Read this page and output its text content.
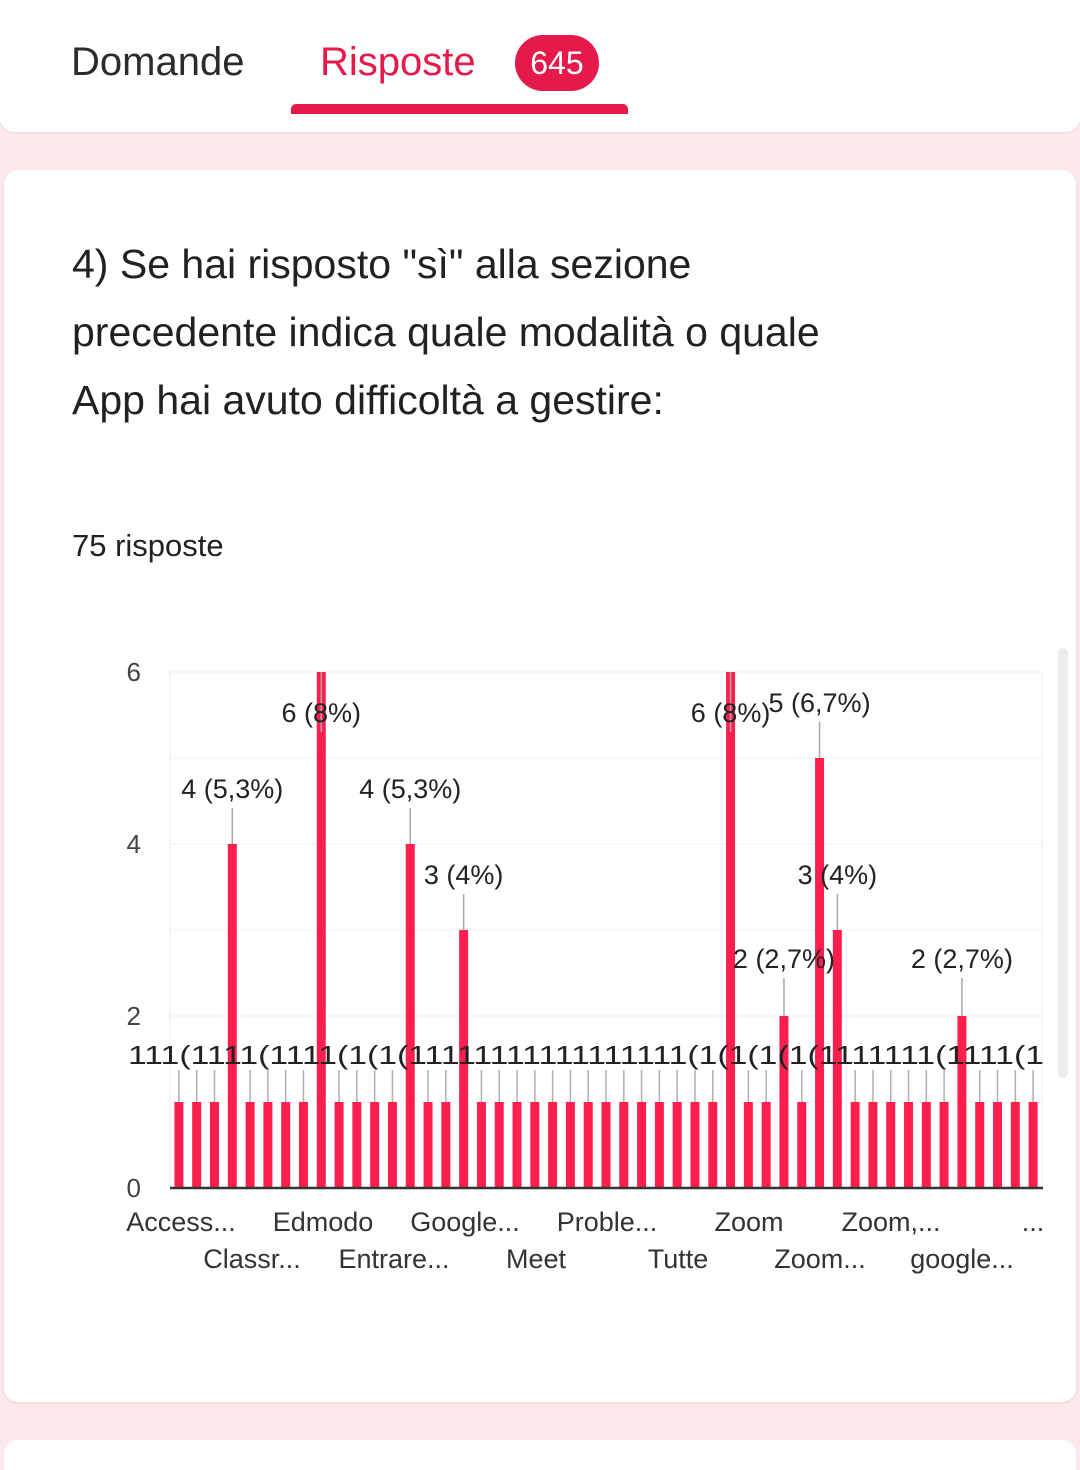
Domande Risposte	645
4) Se hai risposto "sì" alla sezione precedente indica quale modalità o quale App hai avuto difficoltà a gestire:
75 risposte
0
2
4
6
111(1111(1111(1(1(11111111111111111(1(1(1(1(1111111(1111(1
4 (5,3%)
6 (8%)
4 (5,3%)
3 (4%)
6 (8%)
2 (2,7%)
5 (6,7%)
3 (4%)
2 (2,7%)
Access...
Classr...
Edmodo
Entrare...
Google...
Meet
Proble...
Tutte
Zoom
Zoom...
Zoom,...
google...
...
